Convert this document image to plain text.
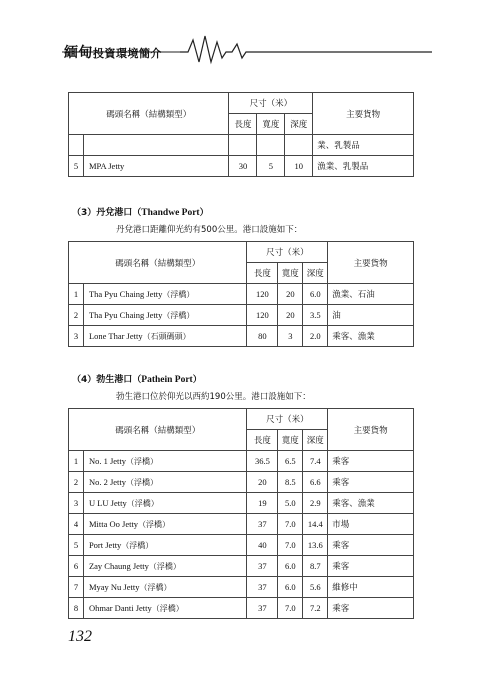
緬甸投資環境簡介
碼頭名稱（結構類型）		尺寸（米）			主要貨物
		長度	寬度	深度	
					業、乳製品
5	MPA Jetty	30	5	10	漁業、乳製品
（3）丹兌港口（Thandwe Port）
丹兌港口距離仰光約有500公里。港口設施如下：
碼頭名稱（結構類型）		尺寸（米）			主要貨物
		長度	寬度	深度	
1	Tha Pyu Chaing Jetty（浮橋）	120	20	6.0	漁業、石油
2	Tha Pyu Chaing Jetty（浮橋）	120	20	3.5	油
3	Lone Thar Jetty（石頭碼頭）	80	3	2.0	乘客、漁業
（4）勃生港口（Pathein Port）
勃生港口位於仰光以西約190公里。港口設施如下：
碼頭名稱（結構類型）		尺寸（米）			主要貨物
		長度	寬度	深度	
1	No. 1 Jetty（浮橋）	36.5	6.5	7.4	乘客
2	No. 2 Jetty（浮橋）	20	8.5	6.6	乘客
3	U LU Jetty（浮橋）	19	5.0	2.9	乘客、漁業
4	Mitta Oo Jetty（浮橋）	37	7.0	14.4	市場
5	Port Jetty（浮橋）	40	7.0	13.6	乘客
6	Zay Chaung Jetty（浮橋）	37	6.0	8.7	乘客
7	Myay Nu Jetty（浮橋）	37	6.0	5.6	維修中
8	Ohmar Danti Jetty（浮橋）	37	7.0	7.2	乘客
132
